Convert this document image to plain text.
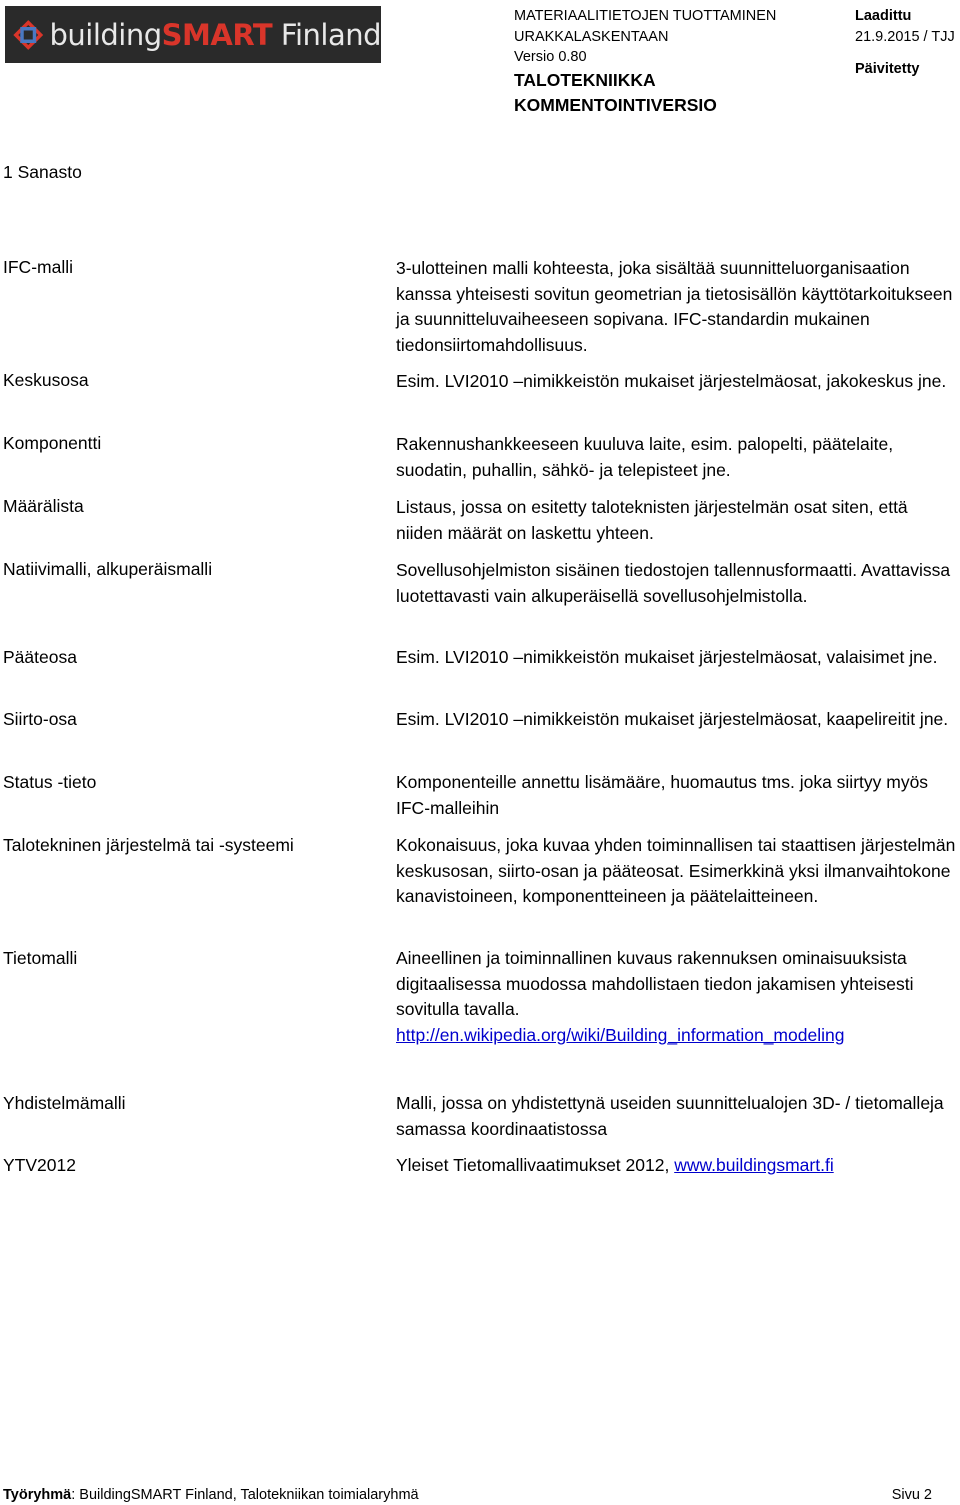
buildingSMART Finland
MATERIAALITIETOJEN TUOTTAMINEN
URAKKALASKENTAAN
Versio 0.80
TALOTEKNIIKKA
KOMMENTOINTIVERSIO
Laadittu
21.9.2015 / TJJ
Päivitetty
1 Sanasto
IFC-malli	3-ulotteinen malli kohteesta, joka sisältää suunnitteluorganisaation kanssa yhteisesti sovitun geometrian ja tietosisällön käyttötarkoitukseen ja suunnitteluvaiheeseen sopivana. IFC-standardin mukainen tiedonsiirtomahdollisuus.
Keskusosa	Esim. LVI2010 –nimikkeistön mukaiset järjestelmäosat, jakokeskus jne.
Komponentti	Rakennushankkeeseen kuuluva laite, esim. palopelti, päätelaite, suodatin, puhallin, sähkö- ja telepisteet jne.
Määrälista	Listaus, jossa on esitetty taloteknisten järjestelmän osat siten, että niiden määrät on laskettu yhteen.
Natiivimalli, alkuperäismalli	Sovellusohjelmiston sisäinen tiedostojen tallennusformaatti. Avattavissa luotettavasti vain alkuperäisellä sovellusohjelmistolla.
Pääteosa	Esim. LVI2010 –nimikkeistön mukaiset järjestelmäosat, valaisimet jne.
Siirto-osa	Esim. LVI2010 –nimikkeistön mukaiset järjestelmäosat, kaapelireitit jne.
Status -tieto	Komponenteille annettu lisämääre, huomautus tms. joka siirtyy myös IFC-malleihin
Talotekninen järjestelmä tai -systeemi	Kokonaisuus, joka kuvaa yhden toiminnallisen tai staattisen järjestelmän keskusosan, siirto-osan ja pääteosat. Esimerkkinä yksi ilmanvaihtokone kanavistoineen, komponentteineen ja päätelaitteineen.
Tietomalli	Aineellinen ja toiminnallinen kuvaus rakennuksen ominaisuuksista digitaalisessa muodossa mahdollistaen tiedon jakamisen yhteisesti sovitulla tavalla.
http://en.wikipedia.org/wiki/Building_information_modeling
Yhdistelmämalli	Malli, jossa on yhdistettynä useiden suunnittelualojen 3D- / tietomalleja samassa koordinaatistossa
YTV2012	Yleiset Tietomallivaatimukset 2012, www.buildingsmart.fi
Työryhmä: BuildingSMART Finland, Talotekniikan toimialaryhmä	Sivu 2
